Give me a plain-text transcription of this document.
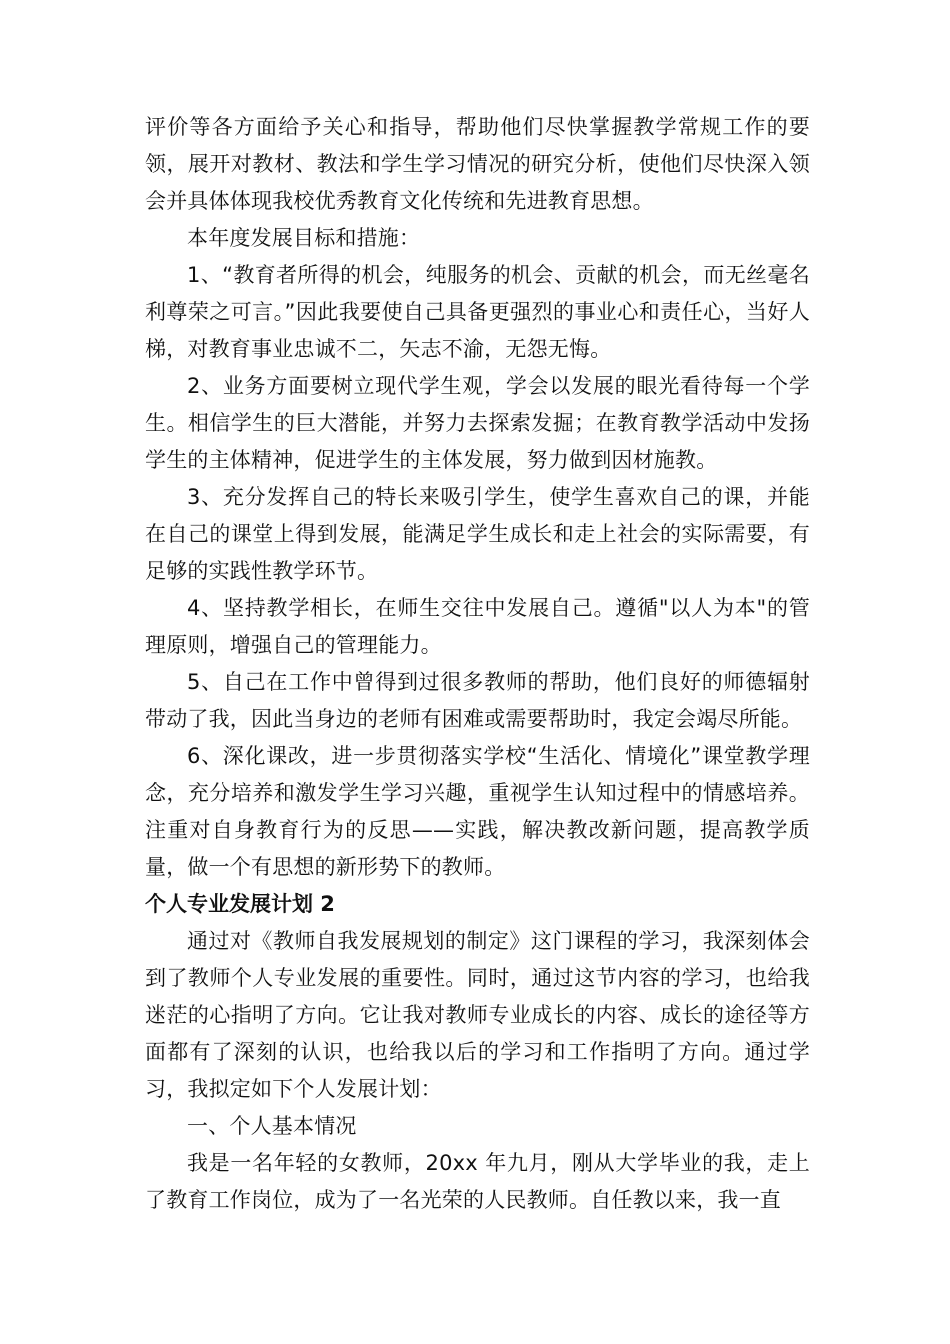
评价等各方面给予关心和指导，帮助他们尽快掌握教学常规工作的要领，展开对教材、教法和学生学习情况的研究分析，使他们尽快深入领会并具体体现我校优秀教育文化传统和先进教育思想。

本年度发展目标和措施：

1、“教育者所得的机会，纯服务的机会、贡献的机会，而无丝毫名利尊荣之可言。”因此我要使自己具备更强烈的事业心和责任心，当好人梯，对教育事业忠诚不二，矢志不渝，无怨无悔。

2、业务方面要树立现代学生观，学会以发展的眼光看待每一个学生。相信学生的巨大潜能，并努力去探索发掘；在教育教学活动中发扬学生的主体精神，促进学生的主体发展，努力做到因材施教。

3、充分发挥自己的特长来吸引学生，使学生喜欢自己的课，并能在自己的课堂上得到发展，能满足学生成长和走上社会的实际需要，有足够的实践性教学环节。

4、坚持教学相长，在师生交往中发展自己。遵循"以人为本"的管理原则，增强自己的管理能力。

5、自己在工作中曾得到过很多教师的帮助，他们良好的师德辐射带动了我，因此当身边的老师有困难或需要帮助时，我定会竭尽所能。

6、深化课改，进一步贯彻落实学校“生活化、情境化”课堂教学理念，充分培养和激发学生学习兴趣，重视学生认知过程中的情感培养。注重对自身教育行为的反思——实践，解决教改新问题，提高教学质量，做一个有思想的新形势下的教师。

个人专业发展计划 2

通过对《教师自我发展规划的制定》这门课程的学习，我深刻体会到了教师个人专业发展的重要性。同时，通过这节内容的学习，也给我迷茫的心指明了方向。它让我对教师专业成长的内容、成长的途径等方面都有了深刻的认识，也给我以后的学习和工作指明了方向。通过学习，我拟定如下个人发展计划：

一、个人基本情况

我是一名年轻的女教师，20xx 年九月，刚从大学毕业的我，走上了教育工作岗位，成为了一名光荣的人民教师。自任教以来，我一直
